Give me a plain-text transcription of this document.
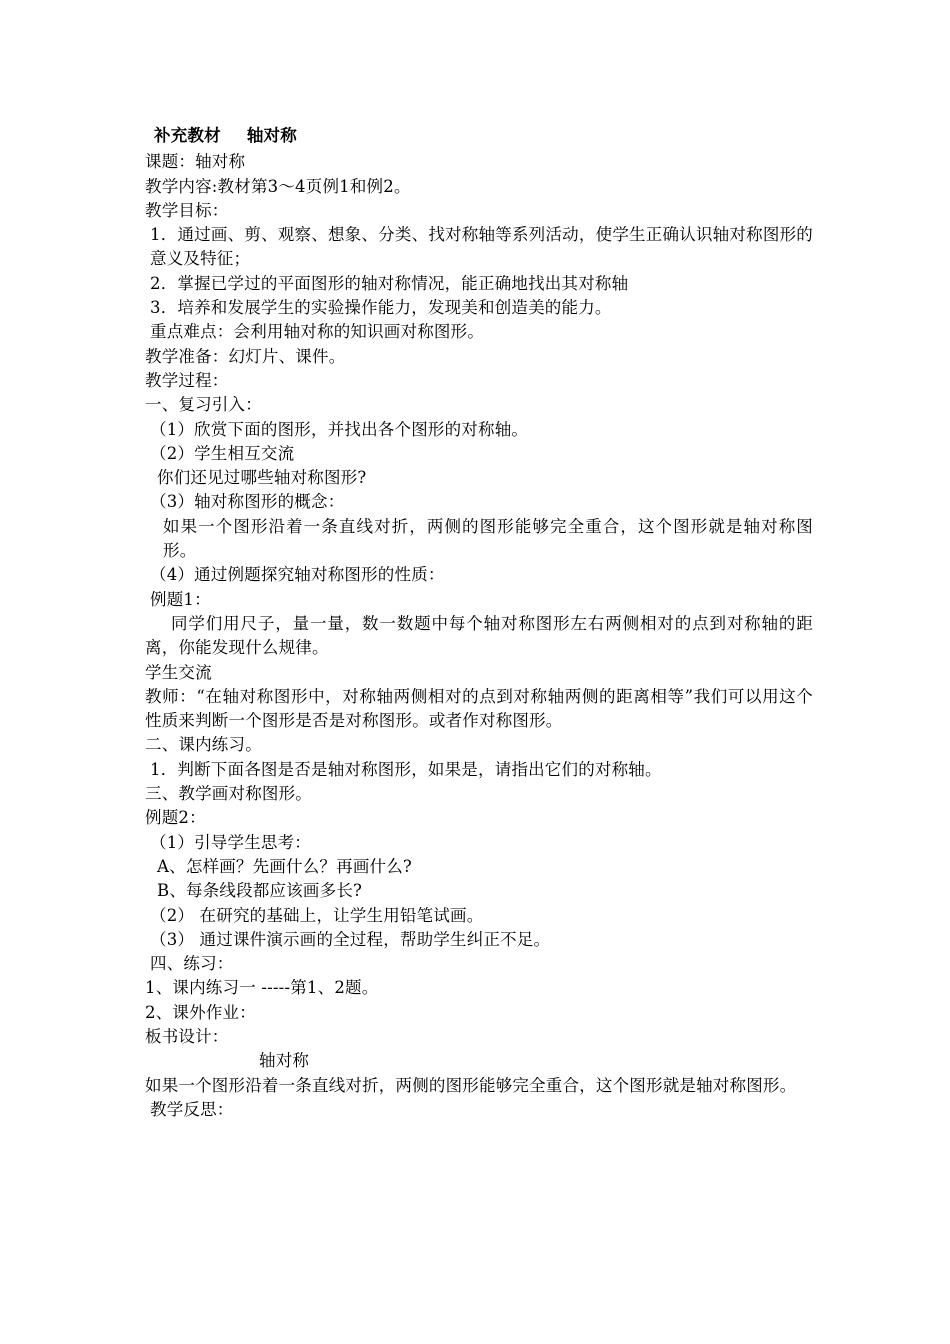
补充教材 轴对称
课题：轴对称
教学内容:教材第3～4页例1和例2。
教学目标：
1．通过画、剪、观察、想象、分类、找对称轴等系列活动，使学生正确认识轴对称图形的意义及特征；
2．掌握已学过的平面图形的轴对称情况，能正确地找出其对称轴
3．培养和发展学生的实验操作能力，发现美和创造美的能力。
重点难点：会利用轴对称的知识画对称图形。
教学准备：幻灯片、课件。
教学过程：
一、复习引入：
（1）欣赏下面的图形，并找出各个图形的对称轴。
（2）学生相互交流
你们还见过哪些轴对称图形?
（3）轴对称图形的概念：
如果一个图形沿着一条直线对折，两侧的图形能够完全重合，这个图形就是轴对称图形。
（4）通过例题探究轴对称图形的性质：
例题1：
同学们用尺子，量一量，数一数题中每个轴对称图形左右两侧相对的点到对称轴的距离，你能发现什么规律。
学生交流
教师：“在轴对称图形中，对称轴两侧相对的点到对称轴两侧的距离相等”我们可以用这个性质来判断一个图形是否是对称图形。或者作对称图形。
二、课内练习。
1．判断下面各图是否是轴对称图形，如果是，请指出它们的对称轴。
三、教学画对称图形。
例题2：
（1）引导学生思考：
A、怎样画？先画什么？再画什么?
B、每条线段都应该画多长?
（2） 在研究的基础上，让学生用铅笔试画。
（3） 通过课件演示画的全过程，帮助学生纠正不足。
四、练习：
1、课内练习一 -----第1、2题。
2、课外作业：
板书设计：
轴对称
如果一个图形沿着一条直线对折，两侧的图形能够完全重合，这个图形就是轴对称图形。
教学反思：
